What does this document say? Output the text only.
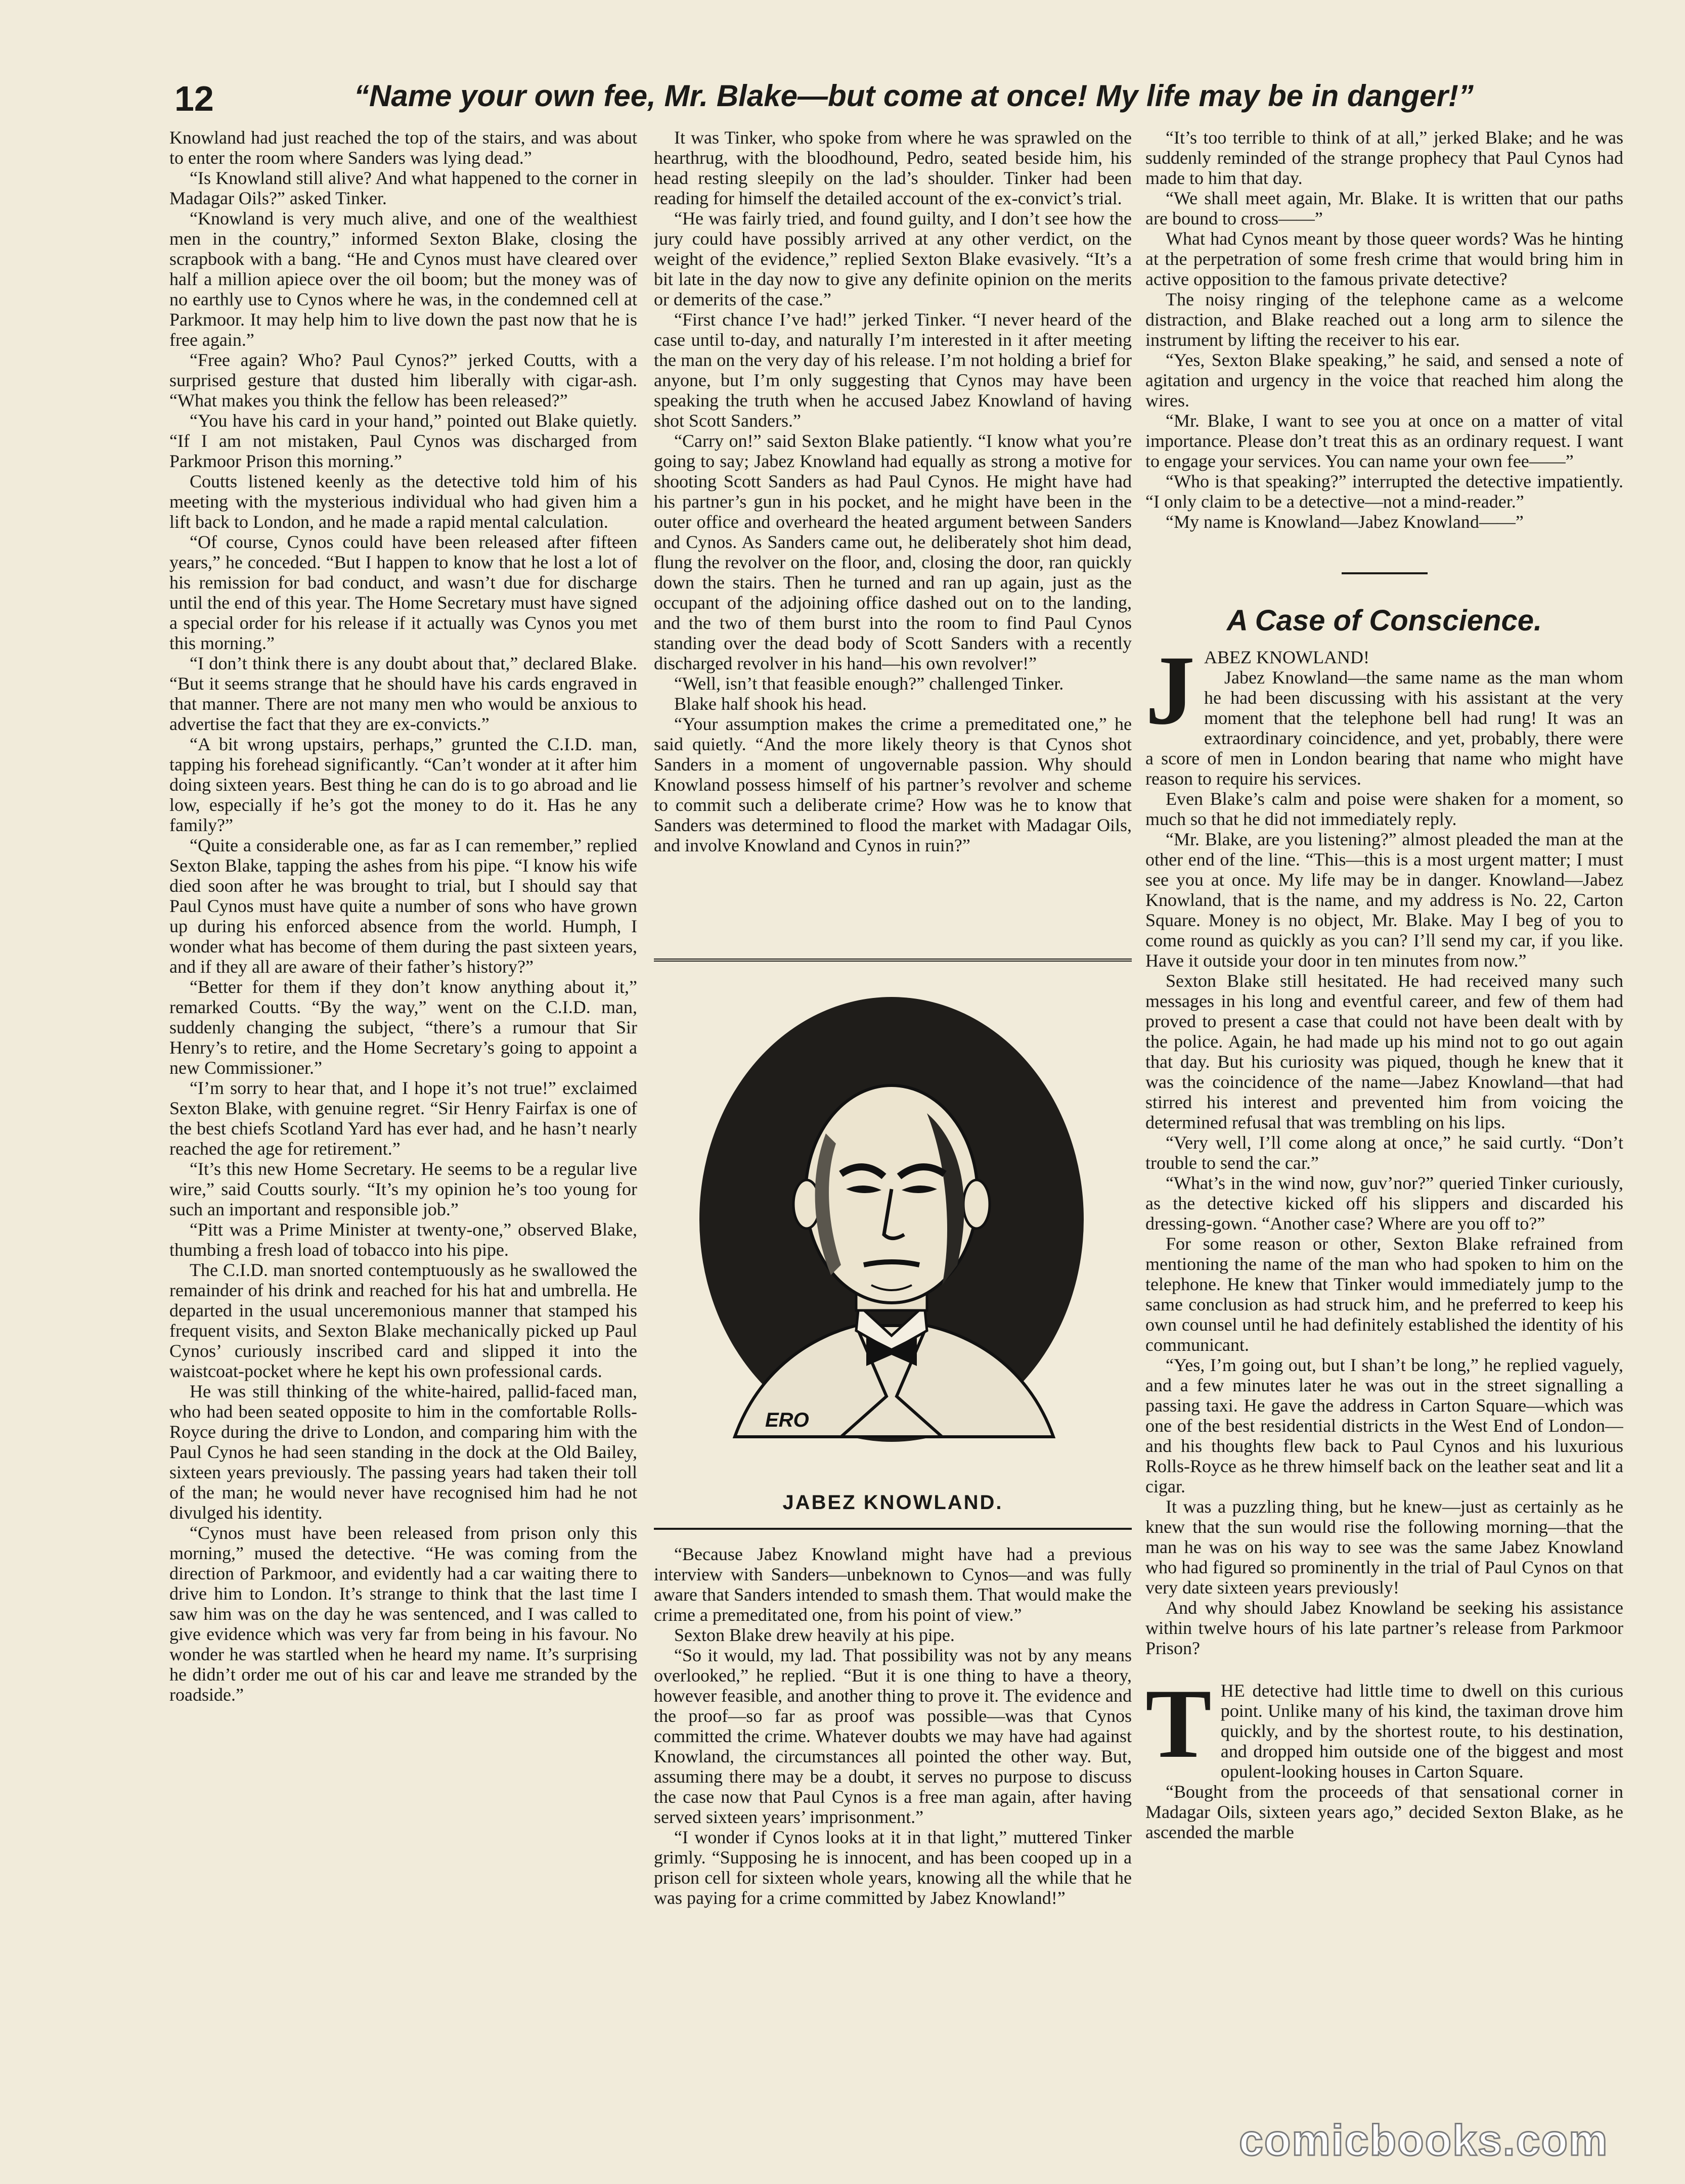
12	“Name your own fee, Mr. Blake—but come at once! My life may be in danger!”

Knowland had just reached the top of the stairs, and was about to enter the room where Sanders was lying dead.”

“Is Knowland still alive? And what happened to the corner in Madagar Oils?” asked Tinker.

“Knowland is very much alive, and one of the wealthiest men in the country,” informed Sexton Blake, closing the scrapbook with a bang. “He and Cynos must have cleared over half a million apiece over the oil boom; but the money was of no earthly use to Cynos where he was, in the condemned cell at Parkmoor. It may help him to live down the past now that he is free again.”

“Free again? Who? Paul Cynos?” jerked Coutts, with a surprised gesture that dusted him liberally with cigar-ash. “What makes you think the fellow has been released?”

“You have his card in your hand,” pointed out Blake quietly. “If I am not mistaken, Paul Cynos was discharged from Parkmoor Prison this morning.”

Coutts listened keenly as the detective told him of his meeting with the mysterious individual who had given him a lift back to London, and he made a rapid mental calculation.

“Of course, Cynos could have been released after fifteen years,” he conceded. “But I happen to know that he lost a lot of his remission for bad conduct, and wasn’t due for discharge until the end of this year. The Home Secretary must have signed a special order for his release if it actually was Cynos you met this morning.”

“I don’t think there is any doubt about that,” declared Blake. “But it seems strange that he should have his cards engraved in that manner. There are not many men who would be anxious to advertise the fact that they are ex-convicts.”

“A bit wrong upstairs, perhaps,” grunted the C.I.D. man, tapping his forehead significantly. “Can’t wonder at it after him doing sixteen years. Best thing he can do is to go abroad and lie low, especially if he’s got the money to do it. Has he any family?”

“Quite a considerable one, as far as I can remember,” replied Sexton Blake, tapping the ashes from his pipe. “I know his wife died soon after he was brought to trial, but I should say that Paul Cynos must have quite a number of sons who have grown up during his enforced absence from the world. Humph, I wonder what has become of them during the past sixteen years, and if they all are aware of their father’s history?”

“Better for them if they don’t know anything about it,” remarked Coutts. “By the way,” went on the C.I.D. man, suddenly changing the subject, “there’s a rumour that Sir Henry’s to retire, and the Home Secretary’s going to appoint a new Commissioner.”

“I’m sorry to hear that, and I hope it’s not true!” exclaimed Sexton Blake, with genuine regret. “Sir Henry Fairfax is one of the best chiefs Scotland Yard has ever had, and he hasn’t nearly reached the age for retirement.”

“It’s this new Home Secretary. He seems to be a regular live wire,” said Coutts sourly. “It’s my opinion he’s too young for such an important and responsible job.”

“Pitt was a Prime Minister at twenty-one,” observed Blake, thumbing a fresh load of tobacco into his pipe.

The C.I.D. man snorted contemptuously as he swallowed the remainder of his drink and reached for his hat and umbrella. He departed in the usual unceremonious manner that stamped his frequent visits, and Sexton Blake mechanically picked up Paul Cynos’ curiously inscribed card and slipped it into the waistcoat-pocket where he kept his own professional cards.

He was still thinking of the white-haired, pallid-faced man, who had been seated opposite to him in the comfortable Rolls-Royce during the drive to London, and comparing him with the Paul Cynos he had seen standing in the dock at the Old Bailey, sixteen years previously. The passing years had taken their toll of the man; he would never have recognised him had he not divulged his identity.

“Cynos must have been released from prison only this morning,” mused the detective. “He was coming from the direction of Parkmoor, and evidently had a car waiting there to drive him to London. It’s strange to think that the last time I saw him was on the day he was sentenced, and I was called to give evidence which was very far from being in his favour. No wonder he was startled when he heard my name. It’s surprising he didn’t order me out of his car and leave me stranded by the roadside.”

It was Tinker, who spoke from where he was sprawled on the hearthrug, with the bloodhound, Pedro, seated beside him, his head resting sleepily on the lad’s shoulder. Tinker had been reading for himself the detailed account of the ex-convict’s trial.

“He was fairly tried, and found guilty, and I don’t see how the jury could have possibly arrived at any other verdict, on the weight of the evidence,” replied Sexton Blake evasively. “It’s a bit late in the day now to give any definite opinion on the merits or demerits of the case.”

“First chance I’ve had!” jerked Tinker. “I never heard of the case until to-day, and naturally I’m interested in it after meeting the man on the very day of his release. I’m not holding a brief for anyone, but I’m only suggesting that Cynos may have been speaking the truth when he accused Jabez Knowland of having shot Scott Sanders.”

“Carry on!” said Sexton Blake patiently. “I know what you’re going to say; Jabez Knowland had equally as strong a motive for shooting Scott Sanders as had Paul Cynos. He might have had his partner’s gun in his pocket, and he might have been in the outer office and overheard the heated argument between Sanders and Cynos. As Sanders came out, he deliberately shot him dead, flung the revolver on the floor, and, closing the door, ran quickly down the stairs. Then he turned and ran up again, just as the occupant of the adjoining office dashed out on to the landing, and the two of them burst into the room to find Paul Cynos standing over the dead body of Scott Sanders with a recently discharged revolver in his hand—his own revolver!”

“Well, isn’t that feasible enough?” challenged Tinker.

Blake half shook his head.

“Your assumption makes the crime a premeditated one,” he said quietly. “And the more likely theory is that Cynos shot Sanders in a moment of ungovernable passion. Why should Knowland possess himself of his partner’s revolver and scheme to commit such a deliberate crime? How was he to know that Sanders was determined to flood the market with Madagar Oils, and involve Knowland and Cynos in ruin?”

ERO
JABEZ KNOWLAND.

“Because Jabez Knowland might have had a previous interview with Sanders—unbeknown to Cynos—and was fully aware that Sanders intended to smash them. That would make the crime a premeditated one, from his point of view.”

Sexton Blake drew heavily at his pipe.

“So it would, my lad. That possibility was not by any means overlooked,” he replied. “But it is one thing to have a theory, however feasible, and another thing to prove it. The evidence and the proof—so far as proof was possible—was that Cynos committed the crime. Whatever doubts we may have had against Knowland, the circumstances all pointed the other way. But, assuming there may be a doubt, it serves no purpose to discuss the case now that Paul Cynos is a free man again, after having served sixteen years’ imprisonment.”

“I wonder if Cynos looks at it in that light,” muttered Tinker grimly. “Supposing he is innocent, and has been cooped up in a prison cell for sixteen whole years, knowing all the while that he was paying for a crime committed by Jabez Knowland!”

“It’s too terrible to think of at all,” jerked Blake; and he was suddenly reminded of the strange prophecy that Paul Cynos had made to him that day.

“We shall meet again, Mr. Blake. It is written that our paths are bound to cross——”

What had Cynos meant by those queer words? Was he hinting at the perpetration of some fresh crime that would bring him in active opposition to the famous private detective?

The noisy ringing of the telephone came as a welcome distraction, and Blake reached out a long arm to silence the instrument by lifting the receiver to his ear.

“Yes, Sexton Blake speaking,” he said, and sensed a note of agitation and urgency in the voice that reached him along the wires.

“Mr. Blake, I want to see you at once on a matter of vital importance. Please don’t treat this as an ordinary request. I want to engage your services. You can name your own fee——”

“Who is that speaking?” interrupted the detective impatiently. “I only claim to be a detective—not a mind-reader.”

“My name is Knowland—Jabez Knowland——”

A Case of Conscience.

JABEZ KNOWLAND!

Jabez Knowland—the same name as the man whom he had been discussing with his assistant at the very moment that the telephone bell had rung! It was an extraordinary coincidence, and yet, probably, there were a score of men in London bearing that name who might have reason to require his services.

Even Blake’s calm and poise were shaken for a moment, so much so that he did not immediately reply.

“Mr. Blake, are you listening?” almost pleaded the man at the other end of the line. “This—this is a most urgent matter; I must see you at once. My life may be in danger. Knowland—Jabez Knowland, that is the name, and my address is No. 22, Carton Square. Money is no object, Mr. Blake. May I beg of you to come round as quickly as you can? I’ll send my car, if you like. Have it outside your door in ten minutes from now.”

Sexton Blake still hesitated. He had received many such messages in his long and eventful career, and few of them had proved to present a case that could not have been dealt with by the police. Again, he had made up his mind not to go out again that day. But his curiosity was piqued, though he knew that it was the coincidence of the name—Jabez Knowland—that had stirred his interest and prevented him from voicing the determined refusal that was trembling on his lips.

“Very well, I’ll come along at once,” he said curtly. “Don’t trouble to send the car.”

“What’s in the wind now, guv’nor?” queried Tinker curiously, as the detective kicked off his slippers and discarded his dressing-gown. “Another case? Where are you off to?”

For some reason or other, Sexton Blake refrained from mentioning the name of the man who had spoken to him on the telephone. He knew that Tinker would immediately jump to the same conclusion as had struck him, and he preferred to keep his own counsel until he had definitely established the identity of his communicant.

“Yes, I’m going out, but I shan’t be long,” he replied vaguely, and a few minutes later he was out in the street signalling a passing taxi. He gave the address in Carton Square—which was one of the best residential districts in the West End of London—and his thoughts flew back to Paul Cynos and his luxurious Rolls-Royce as he threw himself back on the leather seat and lit a cigar.

It was a puzzling thing, but he knew—just as certainly as he knew that the sun would rise the following morning—that the man he was on his way to see was the same Jabez Knowland who had figured so prominently in the trial of Paul Cynos on that very date sixteen years previously!

And why should Jabez Knowland be seeking his assistance within twelve hours of his late partner’s release from Parkmoor Prison?

THE detective had little time to dwell on this curious point. Unlike many of his kind, the taximan drove him quickly, and by the shortest route, to his destination, and dropped him outside one of the biggest and most opulent-looking houses in Carton Square.

“Bought from the proceeds of that sensational corner in Madagar Oils, sixteen years ago,” decided Sexton Blake, as he ascended the marble

comicbooks.com
